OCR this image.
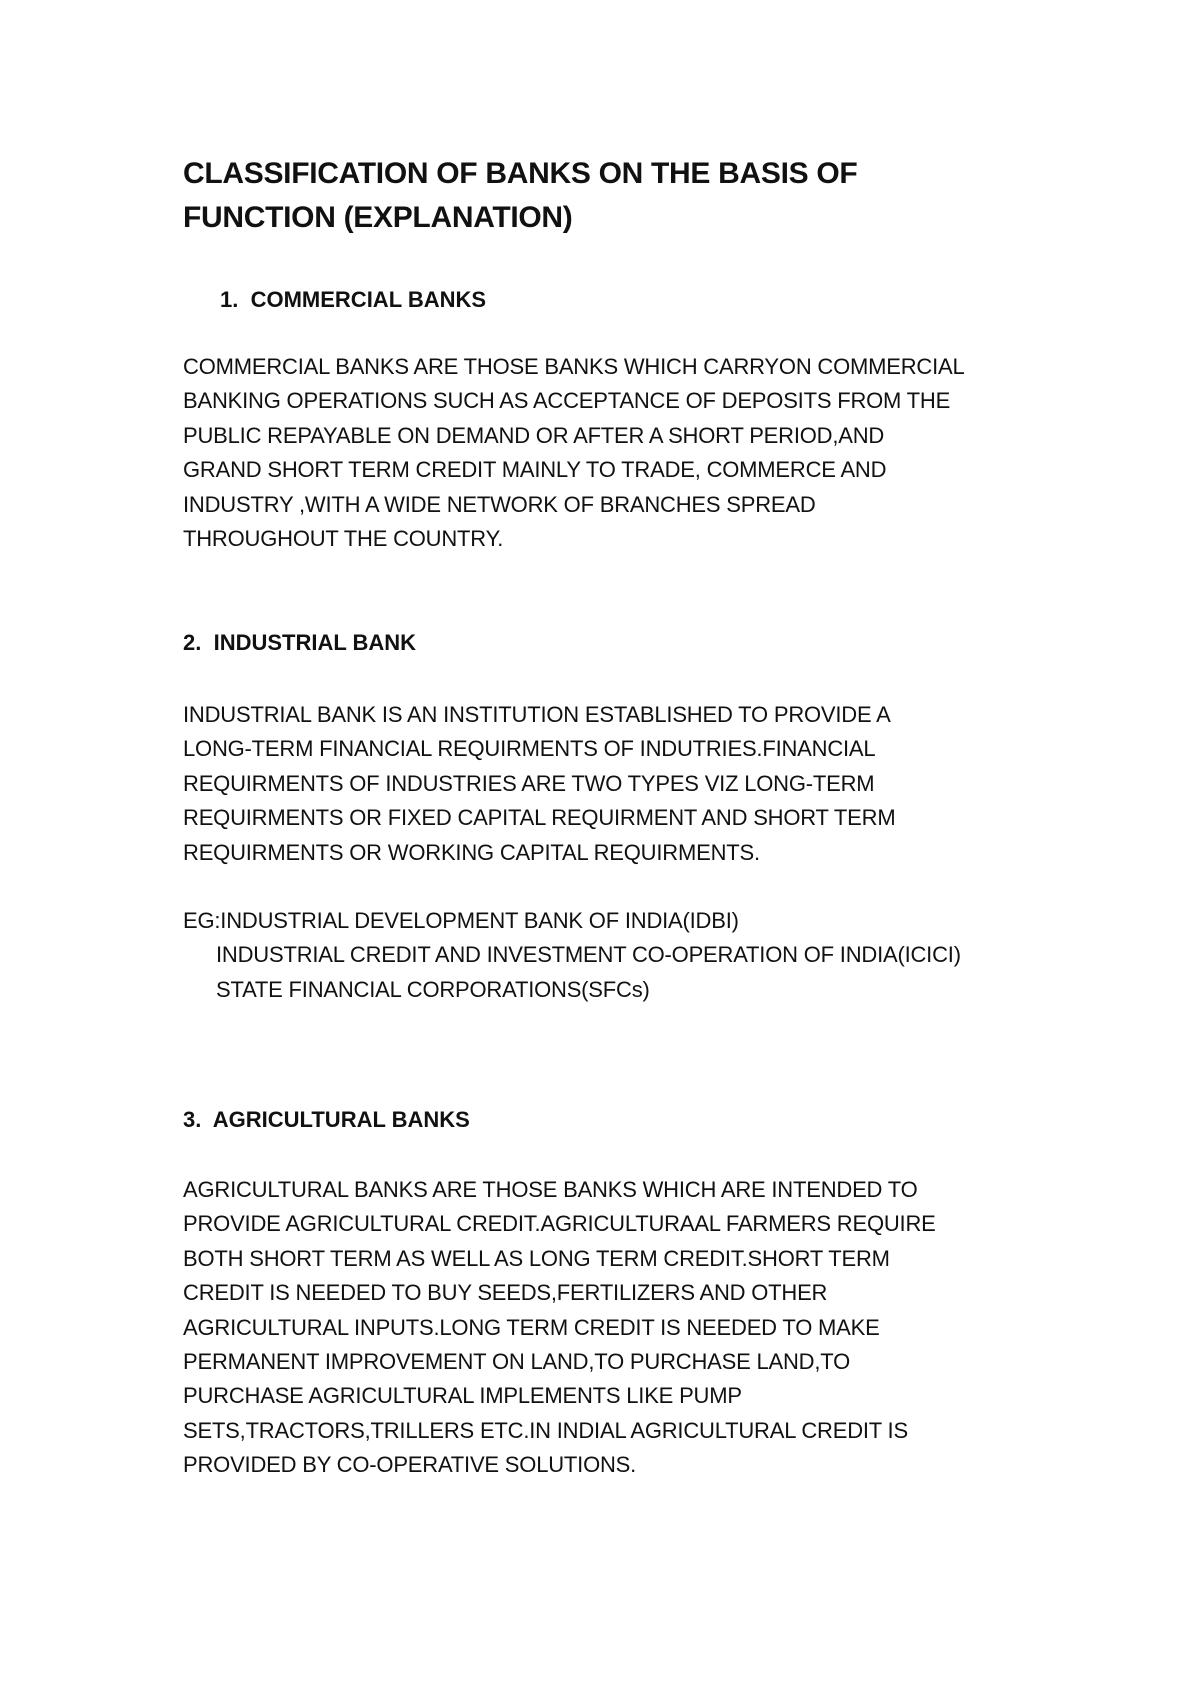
CLASSIFICATION OF BANKS ON THE BASIS OF
FUNCTION (EXPLANATION)
1. COMMERCIAL BANKS
COMMERCIAL BANKS ARE THOSE BANKS WHICH CARRYON COMMERCIAL
BANKING OPERATIONS SUCH AS ACCEPTANCE OF DEPOSITS FROM THE
PUBLIC REPAYABLE ON DEMAND OR AFTER A SHORT PERIOD,AND
GRAND SHORT TERM CREDIT MAINLY TO TRADE, COMMERCE AND
INDUSTRY ,WITH A WIDE NETWORK OF BRANCHES SPREAD
THROUGHOUT THE COUNTRY.
2. INDUSTRIAL BANK
INDUSTRIAL BANK IS AN INSTITUTION ESTABLISHED TO PROVIDE A
LONG-TERM FINANCIAL REQUIRMENTS OF INDUTRIES.FINANCIAL
REQUIRMENTS OF INDUSTRIES ARE TWO TYPES VIZ LONG-TERM
REQUIRMENTS OR FIXED CAPITAL REQUIRMENT AND SHORT TERM
REQUIRMENTS OR WORKING CAPITAL REQUIRMENTS.
EG:INDUSTRIAL DEVELOPMENT BANK OF INDIA(IDBI)
INDUSTRIAL CREDIT AND INVESTMENT CO-OPERATION OF INDIA(ICICI)
STATE FINANCIAL CORPORATIONS(SFCs)
3. AGRICULTURAL BANKS
AGRICULTURAL BANKS ARE THOSE BANKS WHICH ARE INTENDED TO
PROVIDE AGRICULTURAL CREDIT.AGRICULTURAAL FARMERS REQUIRE
BOTH SHORT TERM AS WELL AS LONG TERM CREDIT.SHORT TERM
CREDIT IS NEEDED TO BUY SEEDS,FERTILIZERS AND OTHER
AGRICULTURAL INPUTS.LONG TERM CREDIT IS NEEDED TO MAKE
PERMANENT IMPROVEMENT ON LAND,TO PURCHASE LAND,TO
PURCHASE AGRICULTURAL IMPLEMENTS LIKE PUMP
SETS,TRACTORS,TRILLERS ETC.IN INDIAL AGRICULTURAL CREDIT IS
PROVIDED BY CO-OPERATIVE SOLUTIONS.
